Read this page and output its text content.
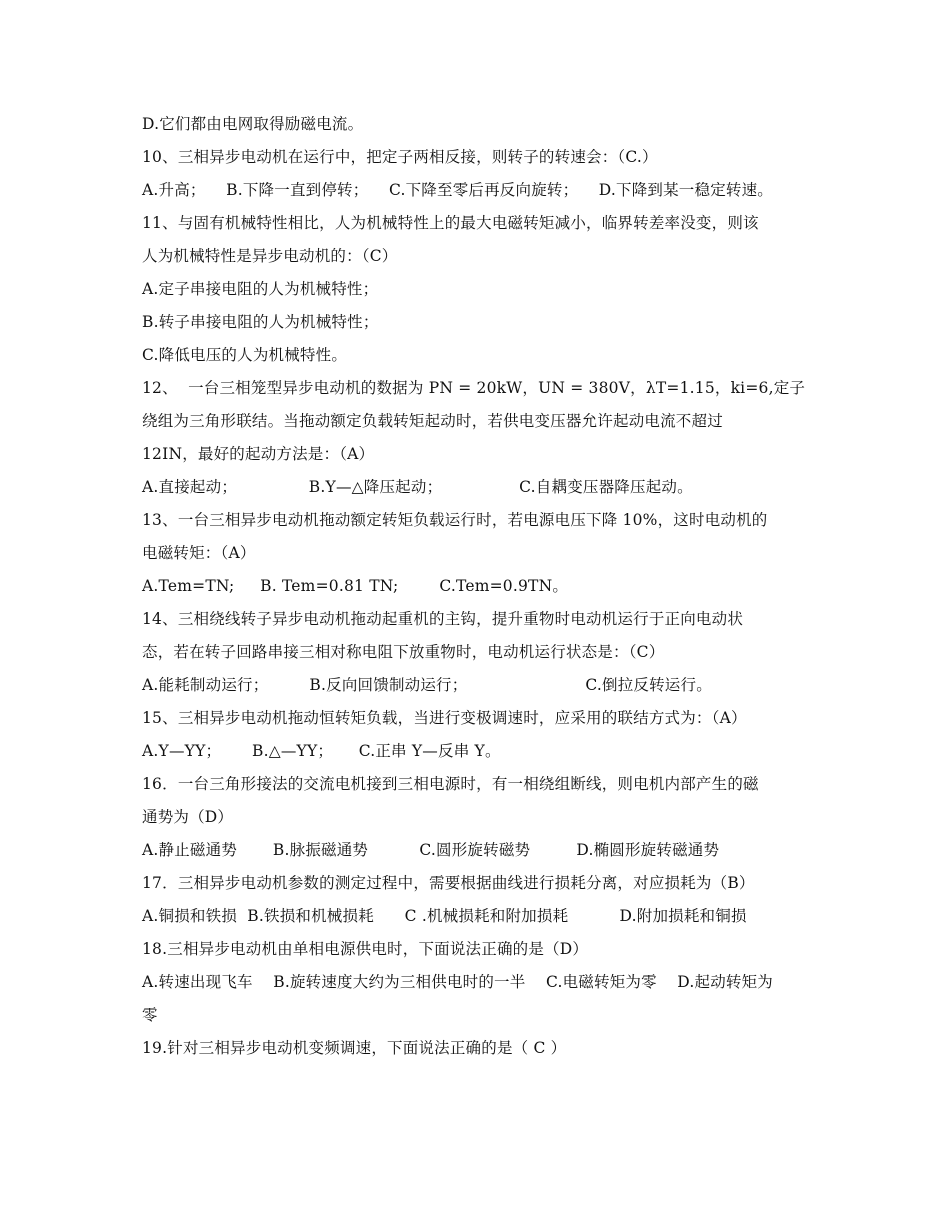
D.它们都由电网取得励磁电流。
10、三相异步电动机在运行中，把定子两相反接，则转子的转速会：（C.）
A.升高；    B.下降一直到停转；    C.下降至零后再反向旋转；    D.下降到某一稳定转速。
11、与固有机械特性相比，人为机械特性上的最大电磁转矩减小，临界转差率没变，则该
人为机械特性是异步电动机的：（C）
A.定子串接电阻的人为机械特性；
B.转子串接电阻的人为机械特性；
C.降低电压的人为机械特性。
12、  一台三相笼型异步电动机的数据为 PN = 20kW，UN = 380V，λT=1.15，ki=6,定子
绕组为三角形联结。当拖动额定负载转矩起动时，若供电变压器允许起动电流不超过
12IN，最好的起动方法是：（A）
A.直接起动；              B.Y—△降压起动；               C.自耦变压器降压起动。
13、一台三相异步电动机拖动额定转矩负载运行时，若电源电压下降 10%，这时电动机的
电磁转矩：（A）
A.Tem=TN;     B. Tem=0.81 TN;        C.Tem=0.9TN。
14、三相绕线转子异步电动机拖动起重机的主钩，提升重物时电动机运行于正向电动状
态，若在转子回路串接三相对称电阻下放重物时，电动机运行状态是：（C）
A.能耗制动运行；        B.反向回馈制动运行；                       C.倒拉反转运行。
15、三相异步电动机拖动恒转矩负载，当进行变极调速时，应采用的联结方式为：（A）
A.Y—YY；      B.△—YY；     C.正串 Y—反串 Y。
16．一台三角形接法的交流电机接到三相电源时，有一相绕组断线，则电机内部产生的磁
通势为（D）
A.静止磁通势       B.脉振磁通势          C.圆形旋转磁势         D.椭圆形旋转磁通势
17．三相异步电动机参数的测定过程中，需要根据曲线进行损耗分离，对应损耗为（B）
A.铜损和铁损  B.铁损和机械损耗      C .机械损耗和附加损耗          D.附加损耗和铜损
18.三相异步电动机由单相电源供电时，下面说法正确的是（D）
A.转速出现飞车    B.旋转速度大约为三相供电时的一半    C.电磁转矩为零    D.起动转矩为
零
19.针对三相异步电动机变频调速，下面说法正确的是（ C ）
